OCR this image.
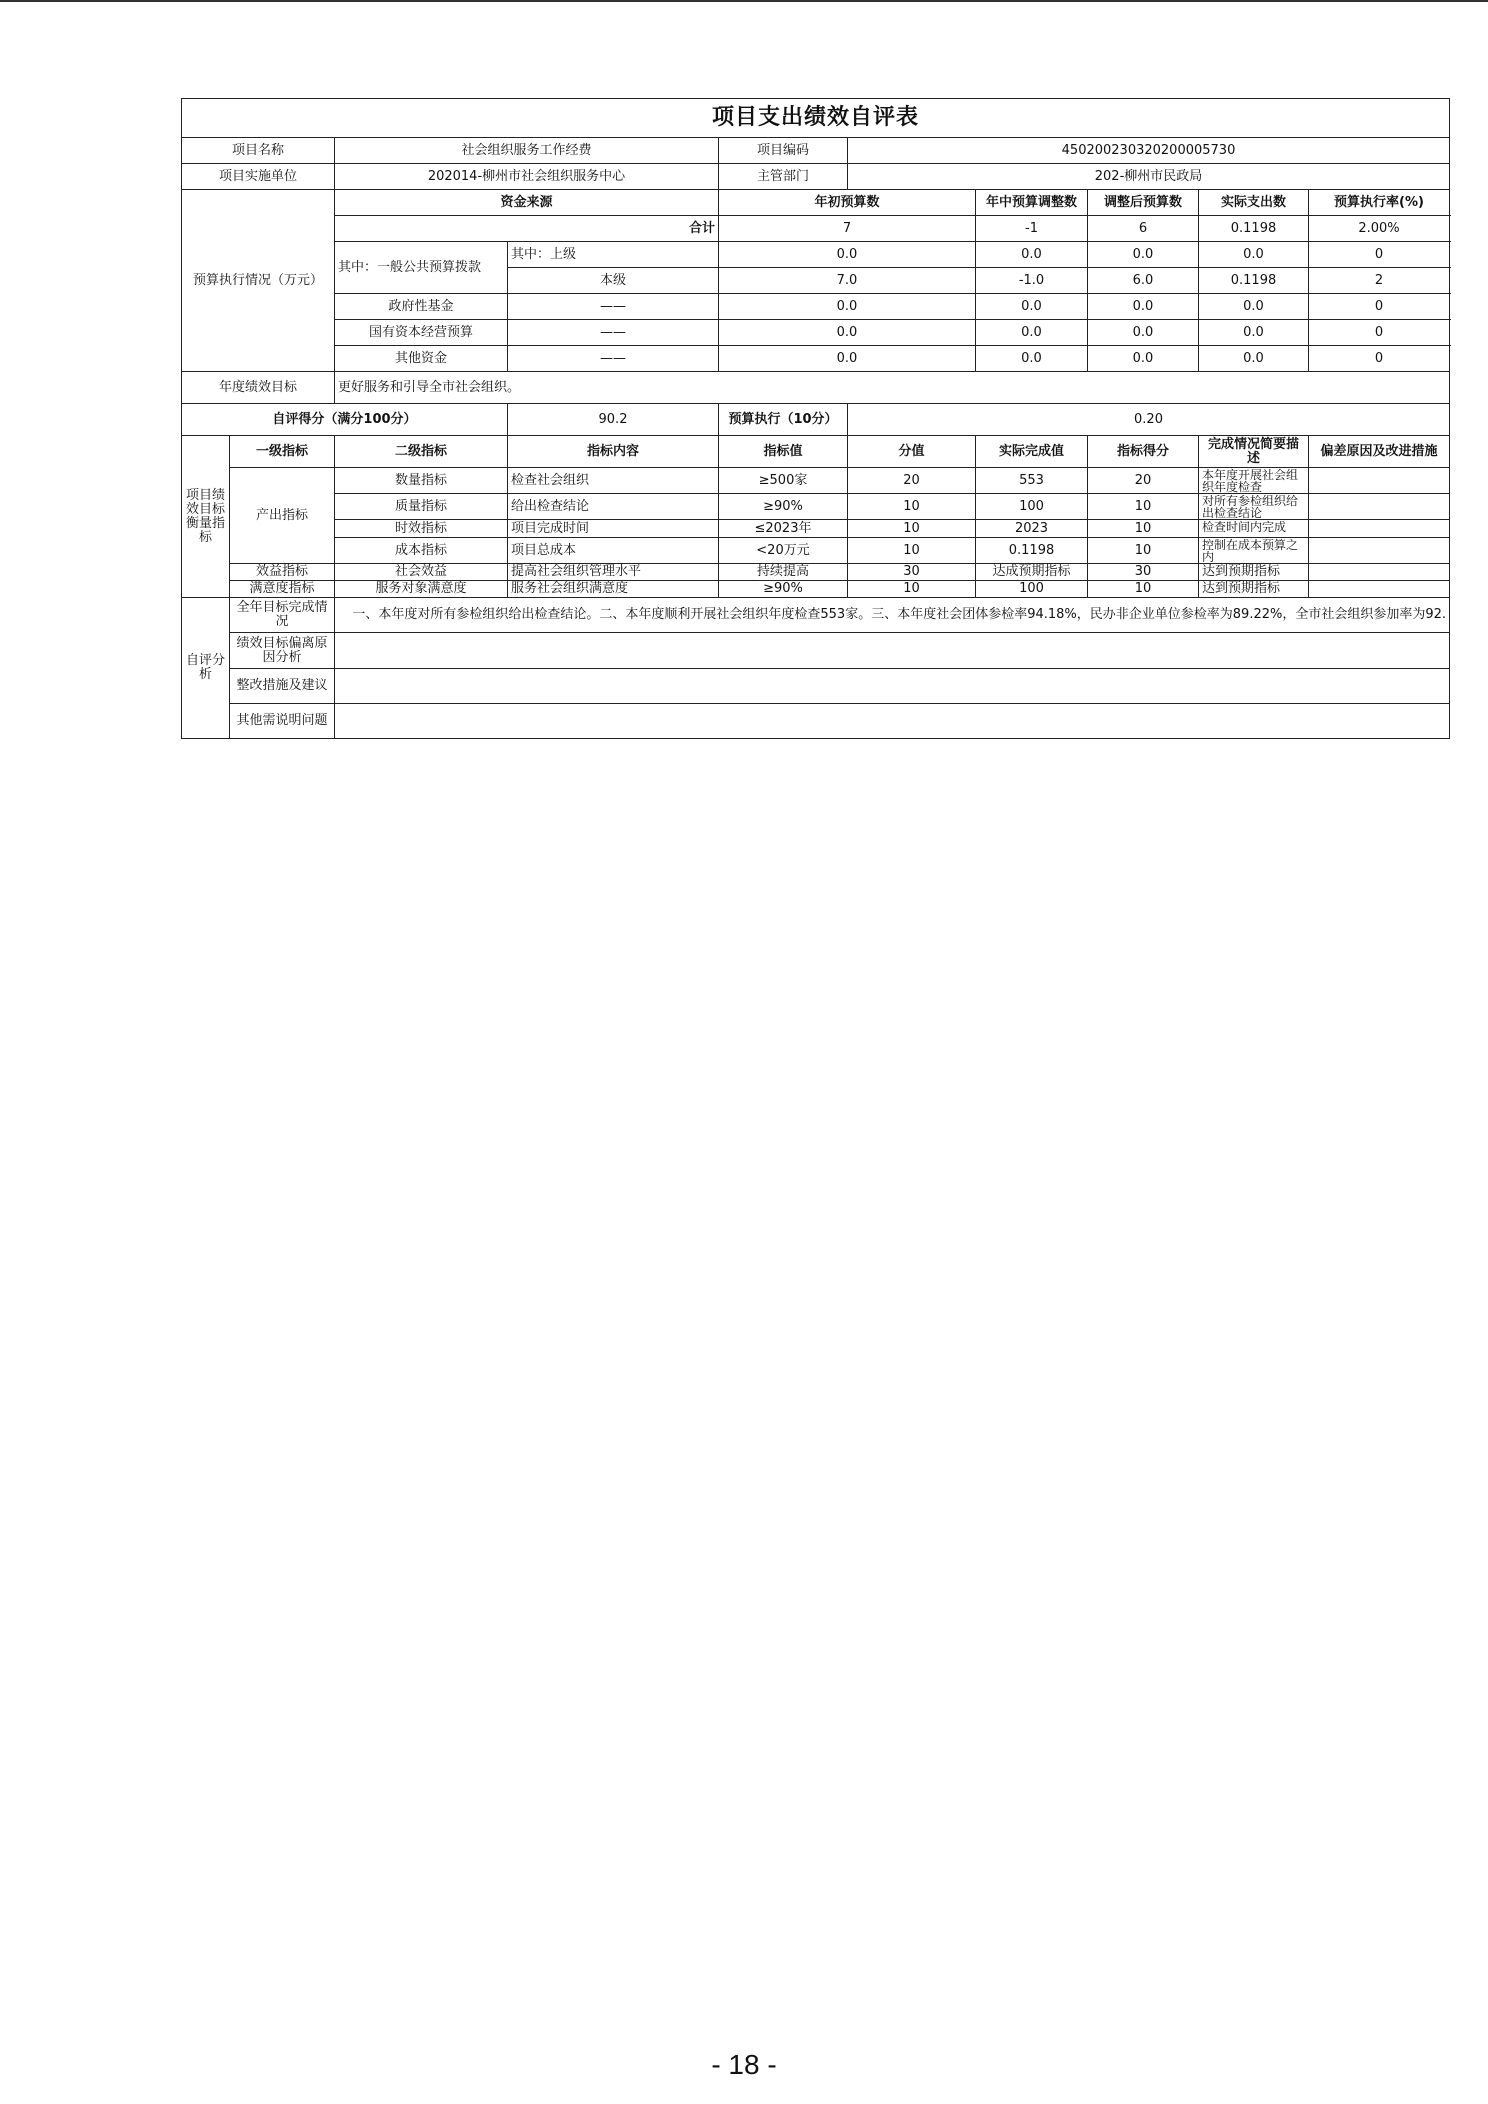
项目支出绩效自评表									
项目名称		社会组织服务工作经费		项目编码	450200230320200005730				
项目实施单位		202014-柳州市社会组织服务中心		主管部门	202-柳州市民政局				
预算执行情况（万元）		资金来源		年初预算数		年中预算调整数	调整后预算数	实际支出数	预算执行率(%)
		合计		7		-1	6	0.1198	2.00%
		其中：一般公共预算拨款	其中：上级	0.0		0.0	0.0	0.0	0
			本级	7.0		-1.0	6.0	0.1198	2
		政府性基金	——	0.0		0.0	0.0	0.0	0
		国有资本经营预算	——	0.0		0.0	0.0	0.0	0
		其他资金	——	0.0		0.0	0.0	0.0	0
年度绩效目标		更好服务和引导全市社会组织。							
自评得分（满分100分）			90.2	预算执行（10分）	0.20				
项目绩效目标衡量指标	一级指标	二级指标	指标内容	指标值	分值	实际完成值	指标得分	完成情况简要描述	偏差原因及改进措施
	产出指标	数量指标	检查社会组织	≥500家	20	553	20	本年度开展社会组织年度检查	
		质量指标	给出检查结论	≥90%	10	100	10	对所有参检组织给出检查结论	
		时效指标	项目完成时间	≤2023年	10	2023	10	检查时间内完成	
		成本指标	项目总成本	<20万元	10	0.1198	10	控制在成本预算之内	
	效益指标	社会效益	提高社会组织管理水平	持续提高	30	达成预期指标	30	达到预期指标	
	满意度指标	服务对象满意度	服务社会组织满意度	≥90%	10	100	10	达到预期指标	
自评分析	全年目标完成情况	一、本年度对所有参检组织给出检查结论。二、本年度顺利开展社会组织年度检查553家。三、本年度社会团体参检率94.18%，民办非企业单位参检率为89.22%，全市社会组织参加率为92.							
	绩效目标偏离原因分析								
	整改措施及建议								
	其他需说明问题								
- 18 -
